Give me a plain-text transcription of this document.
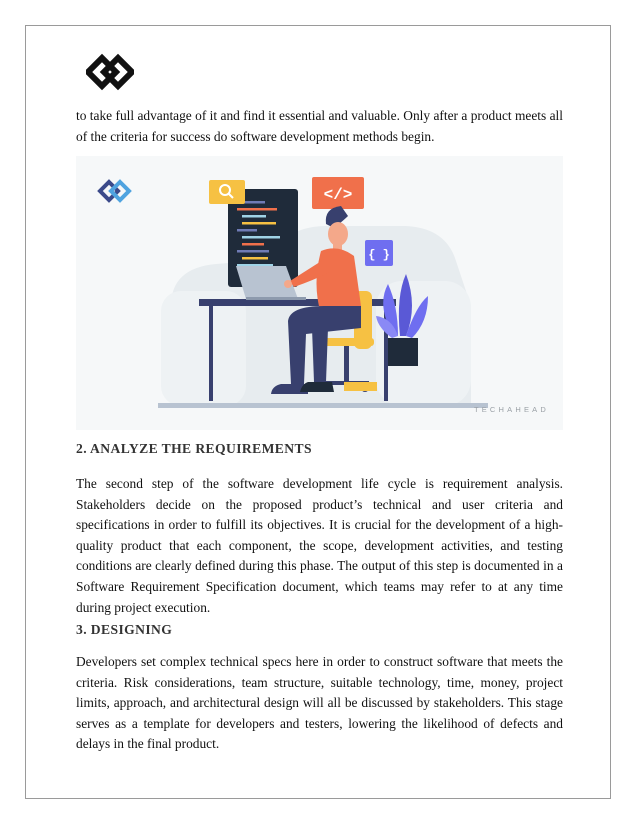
to take full advantage of it and find it essential and valuable. Only after a product meets all of the criteria for success do software development methods begin.

</>
{ }
TECHAHEAD
2. ANALYZE THE REQUIREMENTS

The second step of the software development life cycle is requirement analysis. Stakeholders decide on the proposed product’s technical and user criteria and specifications in order to fulfill its objectives. It is crucial for the development of a high-quality product that each component, the scope, development activities, and testing conditions are clearly defined during this phase. The output of this step is documented in a Software Requirement Specification document, which teams may refer to at any time during project execution.

3. DESIGNING

Developers set complex technical specs here in order to construct software that meets the criteria. Risk considerations, team structure, suitable technology, time, money, project limits, approach, and architectural design will all be discussed by stakeholders. This stage serves as a template for developers and testers, lowering the likelihood of defects and delays in the final product.
